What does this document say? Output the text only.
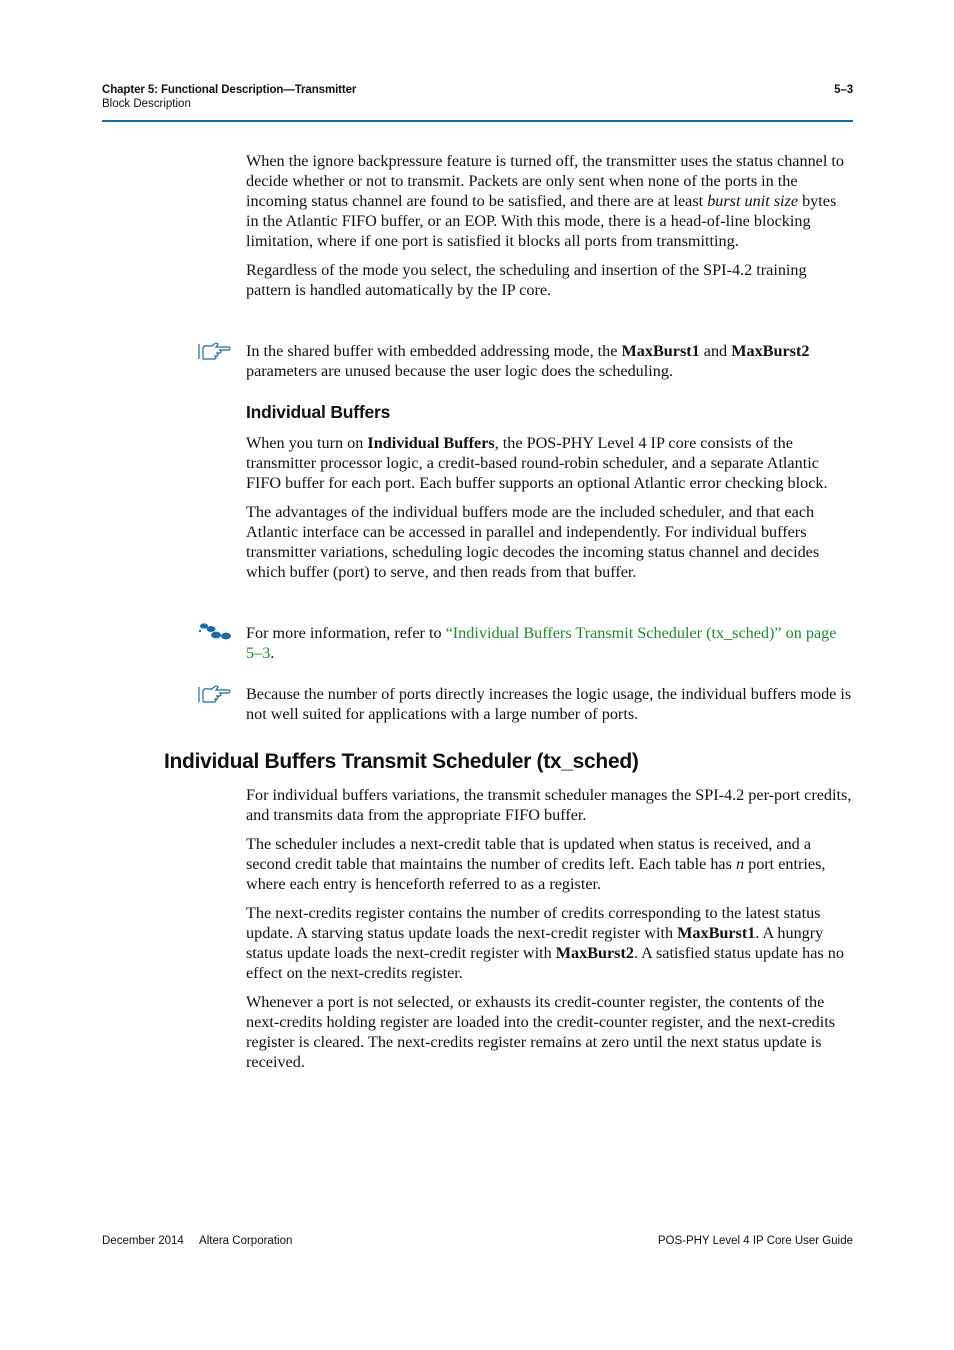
Chapter 5: Functional Description—Transmitter	5–3
Block Description

When the ignore backpressure feature is turned off, the transmitter uses the status channel to decide whether or not to transmit. Packets are only sent when none of the ports in the incoming status channel are found to be satisfied, and there are at least burst unit size bytes in the Atlantic FIFO buffer, or an EOP. With this mode, there is a head-of-line blocking limitation, where if one port is satisfied it blocks all ports from transmitting.

Regardless of the mode you select, the scheduling and insertion of the SPI-4.2 training pattern is handled automatically by the IP core.

In the shared buffer with embedded addressing mode, the MaxBurst1 and MaxBurst2 parameters are unused because the user logic does the scheduling.

Individual Buffers

When you turn on Individual Buffers, the POS-PHY Level 4 IP core consists of the transmitter processor logic, a credit-based round-robin scheduler, and a separate Atlantic FIFO buffer for each port. Each buffer supports an optional Atlantic error checking block.

The advantages of the individual buffers mode are the included scheduler, and that each Atlantic interface can be accessed in parallel and independently. For individual buffers transmitter variations, scheduling logic decodes the incoming status channel and decides which buffer (port) to serve, and then reads from that buffer.

For more information, refer to “Individual Buffers Transmit Scheduler (tx_sched)” on page 5–3.

Because the number of ports directly increases the logic usage, the individual buffers mode is not well suited for applications with a large number of ports.

Individual Buffers Transmit Scheduler (tx_sched)

For individual buffers variations, the transmit scheduler manages the SPI-4.2 per-port credits, and transmits data from the appropriate FIFO buffer.

The scheduler includes a next-credit table that is updated when status is received, and a second credit table that maintains the number of credits left. Each table has n port entries, where each entry is henceforth referred to as a register.

The next-credits register contains the number of credits corresponding to the latest status update. A starving status update loads the next-credit register with MaxBurst1. A hungry status update loads the next-credit register with MaxBurst2. A satisfied status update has no effect on the next-credits register.

Whenever a port is not selected, or exhausts its credit-counter register, the contents of the next-credits holding register are loaded into the credit-counter register, and the next-credits register is cleared. The next-credits register remains at zero until the next status update is received.

December 2014 Altera Corporation	POS-PHY Level 4 IP Core User Guide
